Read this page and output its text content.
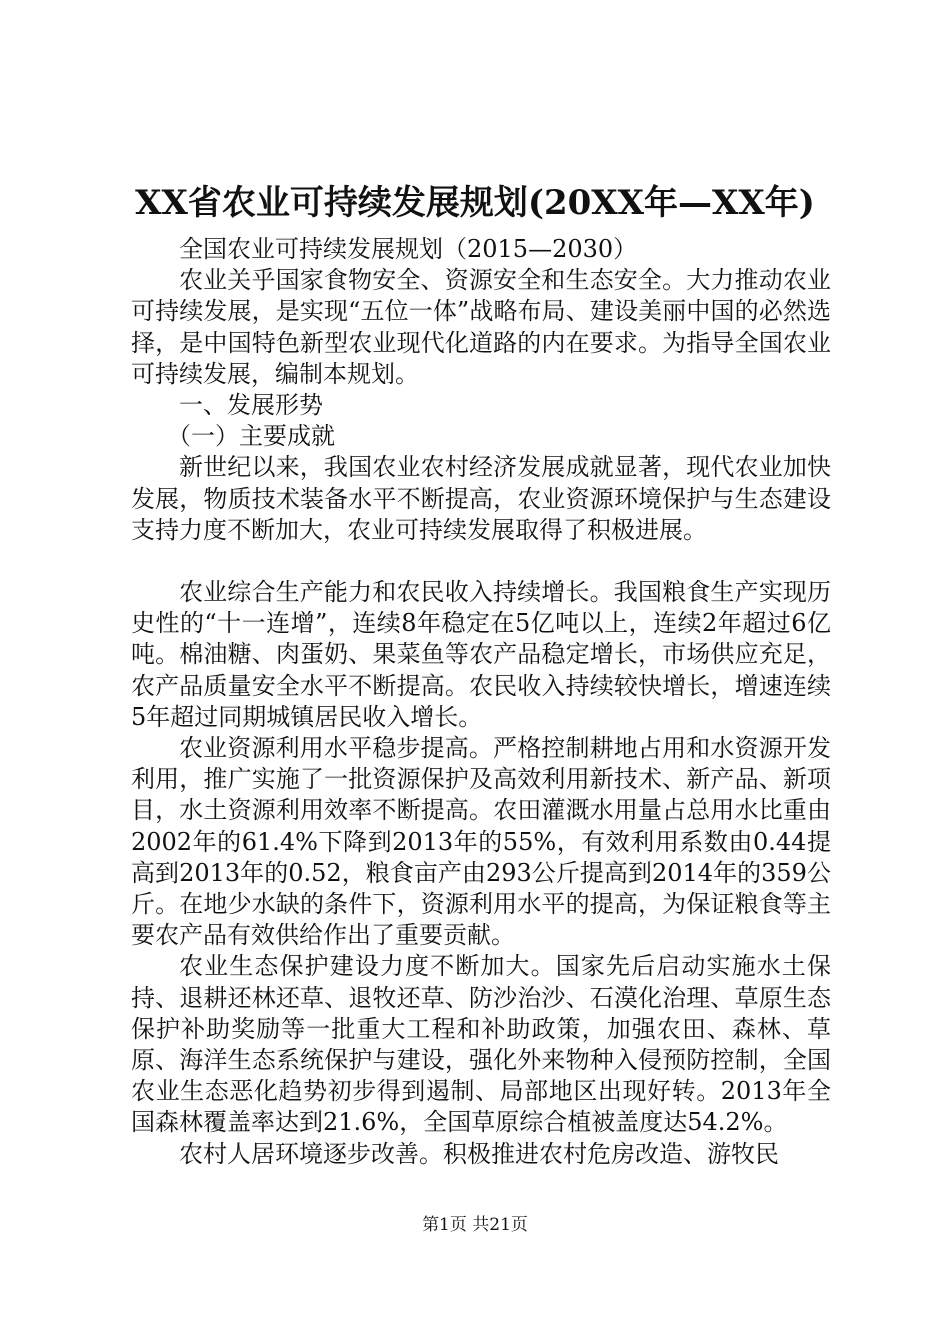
XX省农业可持续发展规划(20XX年—XX年)

全国农业可持续发展规划（2015—2030）

农业关乎国家食物安全、资源安全和生态安全。大力推动农业可持续发展，是实现“五位一体”战略布局、建设美丽中国的必然选择，是中国特色新型农业现代化道路的内在要求。为指导全国农业可持续发展，编制本规划。

一、发展形势

（一）主要成就

新世纪以来，我国农业农村经济发展成就显著，现代农业加快发展，物质技术装备水平不断提高，农业资源环境保护与生态建设支持力度不断加大，农业可持续发展取得了积极进展。

农业综合生产能力和农民收入持续增长。我国粮食生产实现历史性的“十一连增”，连续8年稳定在5亿吨以上，连续2年超过6亿吨。棉油糖、肉蛋奶、果菜鱼等农产品稳定增长，市场供应充足，农产品质量安全水平不断提高。农民收入持续较快增长，增速连续5年超过同期城镇居民收入增长。

农业资源利用水平稳步提高。严格控制耕地占用和水资源开发利用，推广实施了一批资源保护及高效利用新技术、新产品、新项目，水土资源利用效率不断提高。农田灌溉水用量占总用水比重由2002年的61.4%下降到2013年的55%，有效利用系数由0.44提高到2013年的0.52，粮食亩产由293公斤提高到2014年的359公斤。在地少水缺的条件下，资源利用水平的提高，为保证粮食等主要农产品有效供给作出了重要贡献。

农业生态保护建设力度不断加大。国家先后启动实施水土保持、退耕还林还草、退牧还草、防沙治沙、石漠化治理、草原生态保护补助奖励等一批重大工程和补助政策，加强农田、森林、草原、海洋生态系统保护与建设，强化外来物种入侵预防控制，全国农业生态恶化趋势初步得到遏制、局部地区出现好转。2013年全国森林覆盖率达到21.6%，全国草原综合植被盖度达54.2%。

农村人居环境逐步改善。积极推进农村危房改造、游牧民

第1页 共21页
